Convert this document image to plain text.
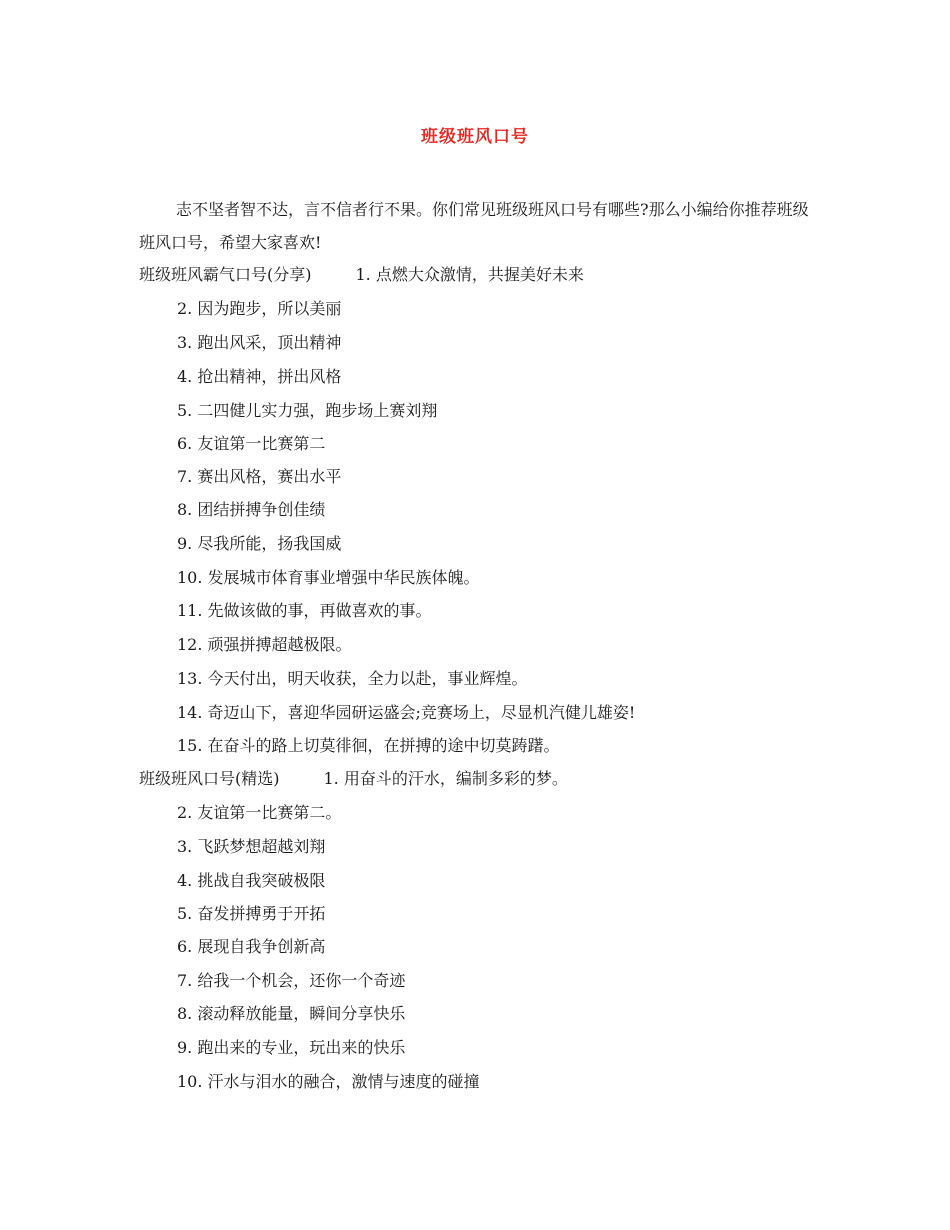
班级班风口号
志不坚者智不达，言不信者行不果。你们常见班级班风口号有哪些?那么小编给你推荐班级班风口号，希望大家喜欢!
班级班风霸气口号(分享)	1. 点燃大众激情，共握美好未来
2. 因为跑步，所以美丽
3. 跑出风采，顶出精神
4. 抢出精神，拼出风格
5. 二四健儿实力强，跑步场上赛刘翔
6. 友谊第一比赛第二
7. 赛出风格，赛出水平
8. 团结拼搏争创佳绩
9. 尽我所能，扬我国威
10. 发展城市体育事业增强中华民族体魄。
11. 先做该做的事，再做喜欢的事。
12. 顽强拼搏超越极限。
13. 今天付出，明天收获，全力以赴，事业辉煌。
14. 奇迈山下，喜迎华园研运盛会;竞赛场上，尽显机汽健儿雄姿!
15. 在奋斗的路上切莫徘徊，在拼搏的途中切莫踌躇。
班级班风口号(精选)	1. 用奋斗的汗水，编制多彩的梦。
2. 友谊第一比赛第二。
3. 飞跃梦想超越刘翔
4. 挑战自我突破极限
5. 奋发拼搏勇于开拓
6. 展现自我争创新高
7. 给我一个机会，还你一个奇迹
8. 滚动释放能量，瞬间分享快乐
9. 跑出来的专业，玩出来的快乐
10. 汗水与泪水的融合，激情与速度的碰撞
